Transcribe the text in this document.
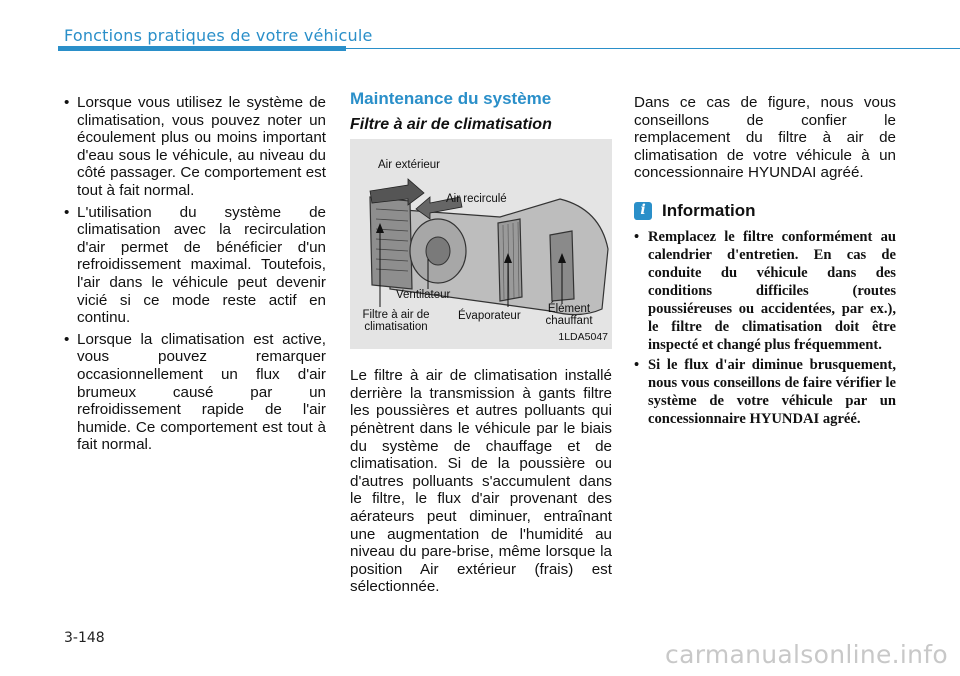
Fonctions pratiques de votre véhicule
• Lorsque vous utilisez le système de climatisation, vous pouvez noter un écoulement plus ou moins important d'eau sous le véhicule, au niveau du côté passager. Ce comportement est tout à fait normal.
• L'utilisation du système de climatisation avec la recirculation d'air permet de bénéficier d'un refroidissement maximal. Toutefois, l'air dans le véhicule peut devenir vicié si ce mode reste actif en continu.
• Lorsque la climatisation est active, vous pouvez remarquer occasionnellement un flux d'air brumeux causé par un refroidissement rapide de l'air humide. Ce comportement est tout à fait normal.
Maintenance du système
Filtre à air de climatisation
Air extérieur
Air recirculé
Ventilateur
Filtre à air de climatisation
Évaporateur
Élément chauffant
1LDA5047

Le filtre à air de climatisation installé derrière la transmission à gants filtre les poussières et autres polluants qui pénètrent dans le véhicule par le biais du système de chauffage et de climatisation. Si de la poussière ou d'autres polluants s'accumulent dans le filtre, le flux d'air provenant des aérateurs peut diminuer, entraînant une augmentation de l'humidité au niveau du pare-brise, même lorsque la position Air extérieur (frais) est sélectionnée.

Dans ce cas de figure, nous vous conseillons de confier le remplacement du filtre à air de climatisation de votre véhicule à un concessionnaire HYUNDAI agréé.

i Information
• Remplacez le filtre conformément au calendrier d'entretien. En cas de conduite du véhicule dans des conditions difficiles (routes poussiéreuses ou accidentées, par ex.), le filtre de climatisation doit être inspecté et changé plus fréquemment.
• Si le flux d'air diminue brusquement, nous vous conseillons de faire vérifier le système de votre véhicule par un concessionnaire HYUNDAI agréé.
3-148
carmanualsonline.info
